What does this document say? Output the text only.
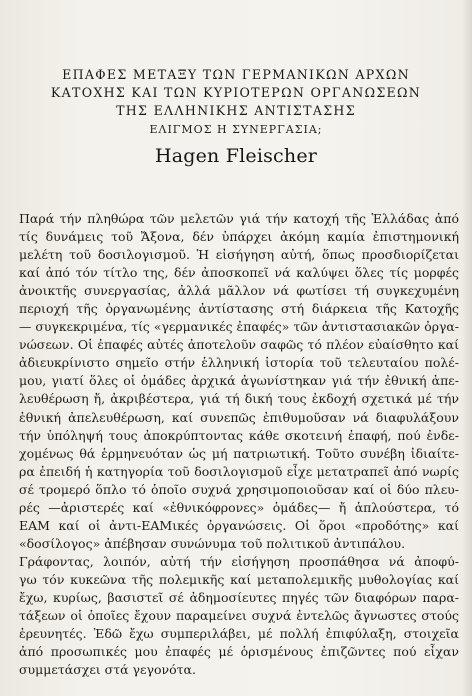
ΕΠΑΦΕΣ ΜΕΤΑΞΥ ΤΩΝ ΓΕΡΜΑΝΙΚΩΝ ΑΡΧΩΝ
ΚΑΤΟΧΗΣ ΚΑΙ ΤΩΝ ΚΥΡΙΟΤΕΡΩΝ ΟΡΓΑΝΩΣΕΩΝ
ΤΗΣ ΕΛΛΗΝΙΚΗΣ ΑΝΤΙΣΤΑΣΗΣ
ΕΛΙΓΜΟΣ Η ΣΥΝΕΡΓΑΣΙΑ;
Hagen Fleischer
Παρά τήν πληθώρα τῶν μελετῶν γιά τήν κατοχή τῆς Ἑλλάδας ἀπό
τίς δυνάμεις τοῦ Ἄξονα, δέν ὑπάρχει ἀκόμη καμία ἐπιστημονική
μελέτη τοῦ δοσιλογισμοῦ. Ἡ εἰσήγηση αὐτή, ὅπως προσδιορίζεται
καί ἀπό τόν τίτλο της, δέν ἀποσκοπεῖ νά καλύψει ὅλες τίς μορφές
ἀνοικτῆς συνεργασίας, ἀλλά μᾶλλον νά φωτίσει τή συγκεχυμένη
περιοχή τῆς ὀργανωμένης ἀντίστασης στή διάρκεια τῆς Κατοχῆς
— συγκεκριμένα, τίς «γερμανικές ἐπαφές» τῶν ἀντιστασιακῶν ὀργα-
νώσεων. Οἱ ἐπαφές αὐτές ἀποτελοῦν σαφῶς τό πλέον εὐαίσθητο καί
ἀδιευκρίνιστο σημεῖο στήν ἑλληνική ἱστορία τοῦ τελευταίου πολέ-
μου, γιατί ὅλες οἱ ὁμάδες ἀρχικά ἀγωνίστηκαν γιά τήν ἐθνική ἀπε-
λευθέρωση ἤ, ἀκριβέστερα, γιά τή δική τους ἐκδοχή σχετικά μέ τήν
ἐθνική ἀπελευθέρωση, καί συνεπῶς ἐπιθυμοῦσαν νά διαφυλάξουν
τήν ὑπόληψή τους ἀποκρύπτοντας κάθε σκοτεινή ἐπαφή, πού ἐνδε-
χομένως θά ἑρμηνευόταν ὡς μή πατριωτική. Τοῦτο συνέβη ἰδιαίτε-
ρα ἐπειδή ἡ κατηγορία τοῦ δοσιλογισμοῦ εἶχε μετατραπεῖ ἀπό νωρίς
σέ τρομερό ὅπλο τό ὁποῖο συχνά χρησιμοποιοῦσαν καί οἱ δύο πλευ-
ρές —ἀριστερές καί «ἐθνικόφρονες» ὁμάδες— ἤ ἁπλούστερα, τό
ΕΑΜ καί οἱ ἀντι-ΕΑΜικές ὀργανώσεις. Οἱ ὅροι «προδότης» καί
«δοσίλογος» ἀπέβησαν συνώνυμα τοῦ πολιτικοῦ ἀντιπάλου.
Γράφοντας, λοιπόν, αὐτή τήν εἰσήγηση προσπάθησα νά ἀποφύ-
γω τόν κυκεῶνα τῆς πολεμικῆς καί μεταπολεμικῆς μυθολογίας καί
ἔχω, κυρίως, βασιστεῖ σέ ἀδημοσίευτες πηγές τῶν διαφόρων παρα-
τάξεων οἱ ὁποῖες ἔχουν παραμείνει συχνά ἐντελῶς ἄγνωστες στούς
ἐρευνητές. Ἐδῶ ἔχω συμπεριλάβει, μέ πολλή ἐπιφύλαξη, στοιχεῖα
ἀπό προσωπικές μου ἐπαφές μέ ὁρισμένους ἐπιζῶντες πού εἶχαν
συμμετάσχει στά γεγονότα.
